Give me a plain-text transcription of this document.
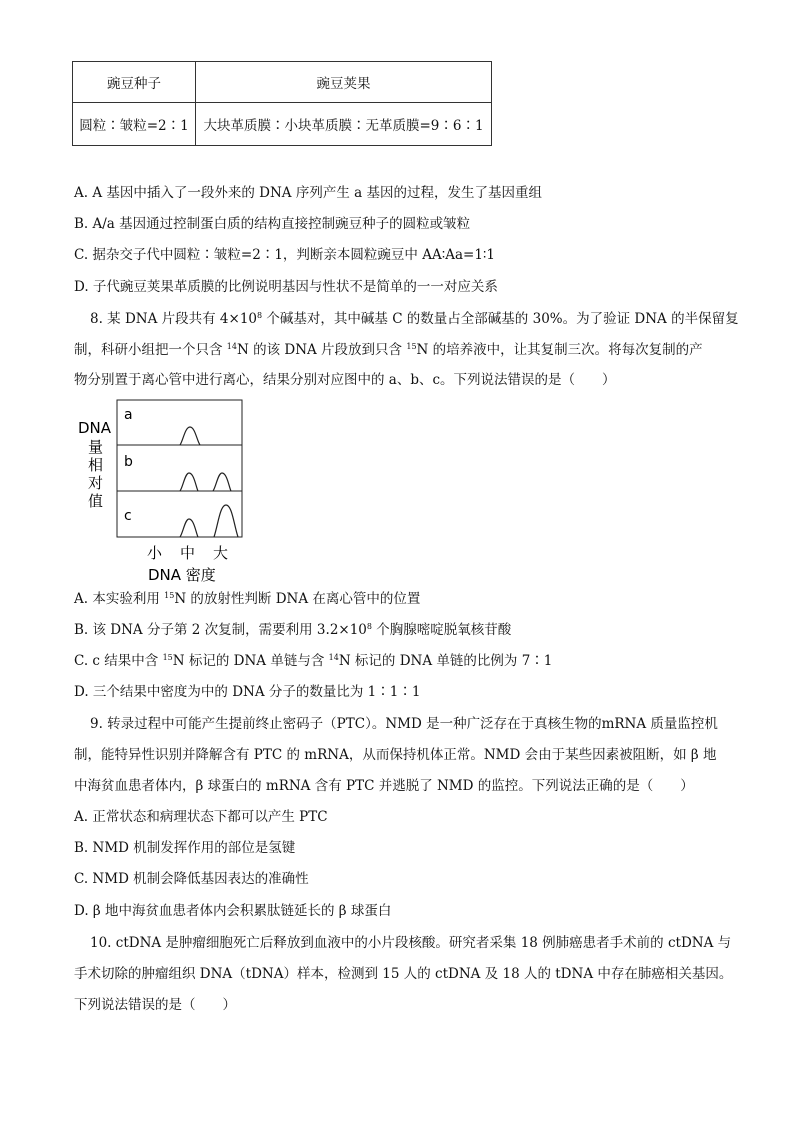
豌豆种子	豌豆荚果
圆粒∶皱粒=2∶1	大块革质膜∶小块革质膜∶无革质膜=9∶6∶1
A. A 基因中插入了一段外来的 DNA 序列产生 a 基因的过程，发生了基因重组
B. A/a 基因通过控制蛋白质的结构直接控制豌豆种子的圆粒或皱粒
C. 据杂交子代中圆粒∶皱粒=2∶1，判断亲本圆粒豌豆中 AA∶Aa=1∶1
D. 子代豌豆荚果革质膜的比例说明基因与性状不是简单的一一对应关系
8. 某 DNA 片段共有 $4\times 10^8$ 个碱基对，其中碱基 C 的数量占全部碱基的 30%。为了验证 DNA 的半保留复
制，科研小组把一个只含 $^{14}$N 的该 DNA 片段放到只含 $^{15}$N 的培养液中，让其复制三次。将每次复制的产
物分别置于离心管中进行离心，结果分别对应图中的 a、b、c。下列说法错误的是（　　）
DNA
量
相
对
值
a
b
c
小 中 大
DNA 密度
A. 本实验利用 $^{15}$N 的放射性判断 DNA 在离心管中的位置
B. 该 DNA 分子第 2 次复制，需要利用 $3.2\times 10^8$ 个胸腺嘧啶脱氧核苷酸
C. c 结果中含 $^{15}$N 标记的 DNA 单链与含 $^{14}$N 标记的 DNA 单链的比例为 7∶1
D. 三个结果中密度为中的 DNA 分子的数量比为 1∶1∶1
9. 转录过程中可能产生提前终止密码子（PTC）。NMD 是一种广泛存在于真核生物的mRNA 质量监控机
制，能特异性识别并降解含有 PTC 的 mRNA，从而保持机体正常。NMD 会由于某些因素被阻断，如 β 地
中海贫血患者体内，β 球蛋白的 mRNA 含有 PTC 并逃脱了 NMD 的监控。下列说法正确的是（　　）
A. 正常状态和病理状态下都可以产生 PTC
B. NMD 机制发挥作用的部位是氢键
C. NMD 机制会降低基因表达的准确性
D. β 地中海贫血患者体内会积累肽链延长的 β 球蛋白
10. ctDNA 是肿瘤细胞死亡后释放到血液中的小片段核酸。研究者采集 18 例肺癌患者手术前的 ctDNA 与
手术切除的肿瘤组织 DNA（tDNA）样本，检测到 15 人的 ctDNA 及 18 人的 tDNA 中存在肺癌相关基因。
下列说法错误的是（　　）
